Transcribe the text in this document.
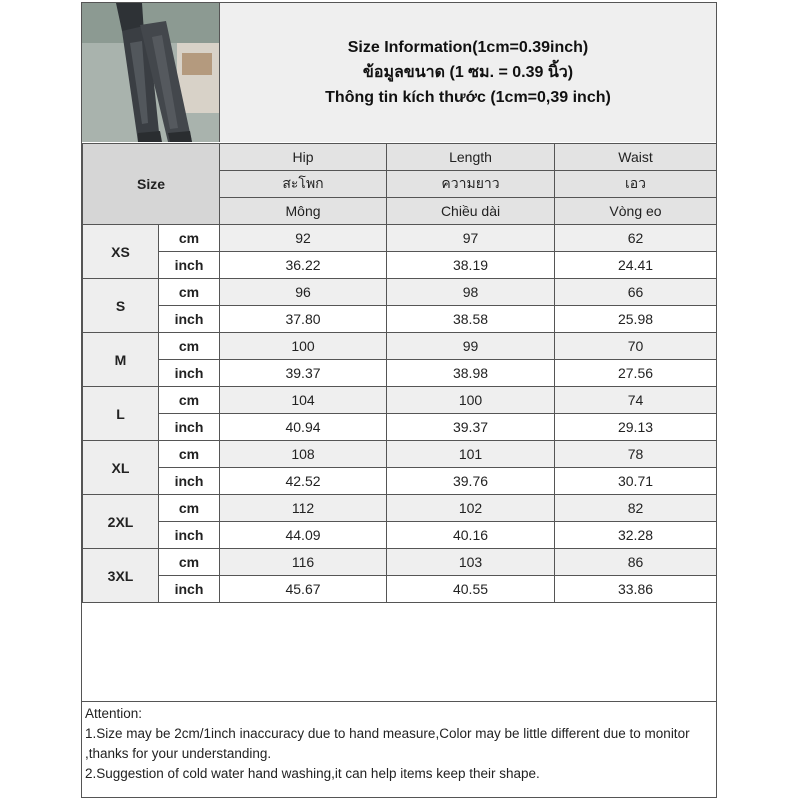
Size Information(1cm=0.39inch)
ข้อมูลขนาด (1 ซม. = 0.39 นิ้ว)
Thông tin kích thước (1cm=0,39 inch)
Size		Hip	Length	Waist
		สะโพก	ความยาว	เอว
		Mông	Chiều dài	Vòng eo
XS	cm	92	97	62
	inch	36.22	38.19	24.41
S	cm	96	98	66
	inch	37.80	38.58	25.98
M	cm	100	99	70
	inch	39.37	38.98	27.56
L	cm	104	100	74
	inch	40.94	39.37	29.13
XL	cm	108	101	78
	inch	42.52	39.76	30.71
2XL	cm	112	102	82
	inch	44.09	40.16	32.28
3XL	cm	116	103	86
	inch	45.67	40.55	33.86
Attention:
1.Size may be 2cm/1inch inaccuracy due to hand measure,Color may be little different due to monitor ,thanks for your understanding.
2.Suggestion of cold water hand washing,it can help items keep their shape.
